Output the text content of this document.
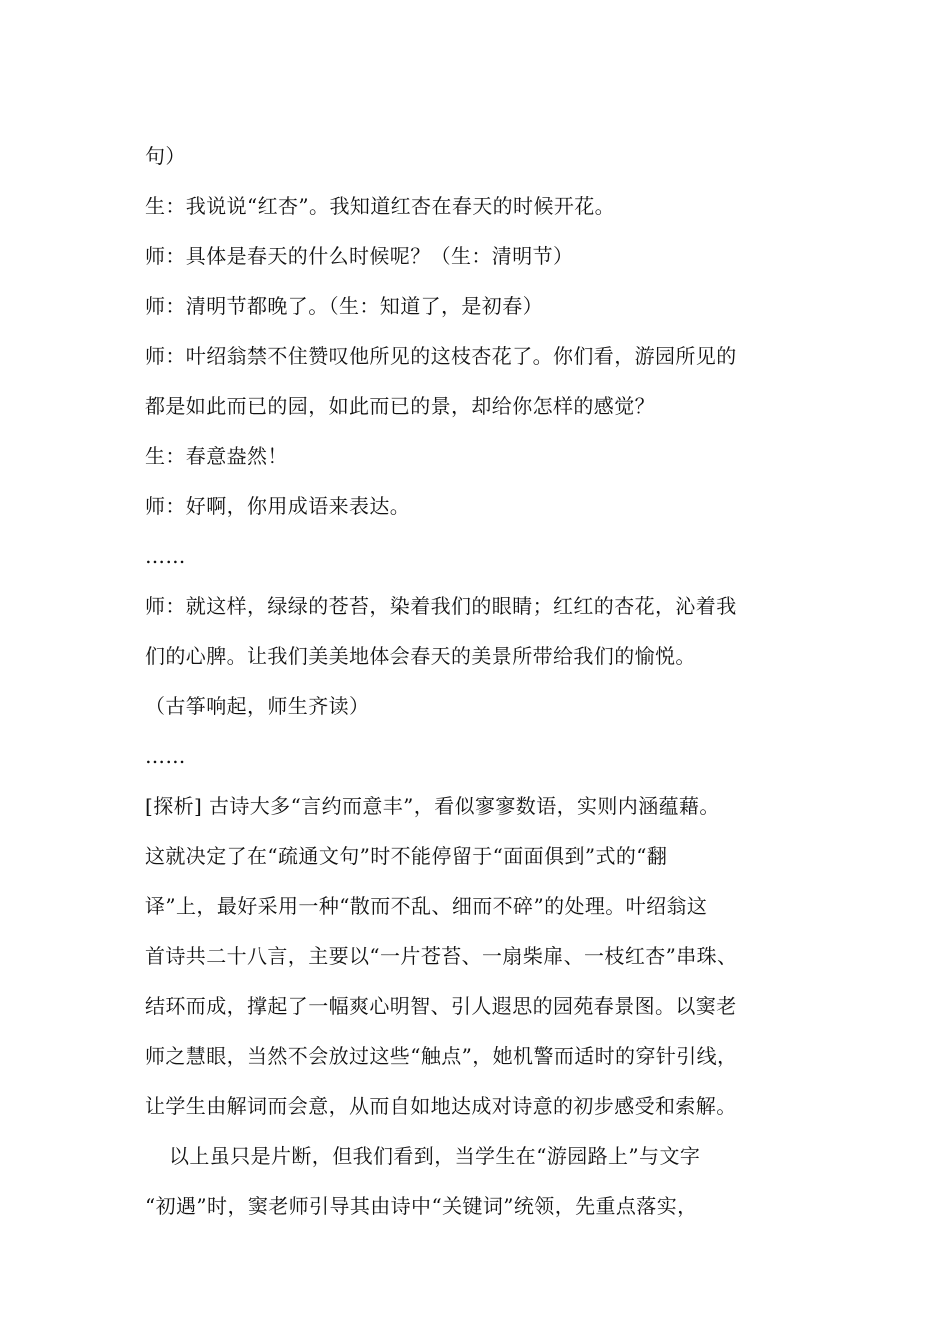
句）
生：我说说“红杏”。我知道红杏在春天的时候开花。
师：具体是春天的什么时候呢？（生：清明节）
师：清明节都晚了。（生：知道了，是初春）
师：叶绍翁禁不住赞叹他所见的这枝杏花了。你们看，游园所见的
都是如此而已的园，如此而已的景，却给你怎样的感觉？
生：春意盎然！
师：好啊，你用成语来表达。
……
师：就这样，绿绿的苍苔，染着我们的眼睛；红红的杏花，沁着我
们的心脾。让我们美美地体会春天的美景所带给我们的愉悦。
（古筝响起，师生齐读）
……
[探析] 古诗大多“言约而意丰”，看似寥寥数语，实则内涵蕴藉。
这就决定了在“疏通文句”时不能停留于“面面俱到”式的“翻
译”上，最好采用一种“散而不乱、细而不碎”的处理。叶绍翁这
首诗共二十八言，主要以“一片苍苔、一扇柴扉、一枝红杏”串珠、
结环而成，撑起了一幅爽心明智、引人遐思的园苑春景图。以窦老
师之慧眼，当然不会放过这些“触点”，她机警而适时的穿针引线，
让学生由解词而会意，从而自如地达成对诗意的初步感受和索解。
以上虽只是片断，但我们看到，当学生在“游园路上”与文字
“初遇”时，窦老师引导其由诗中“关键词”统领，先重点落实，
